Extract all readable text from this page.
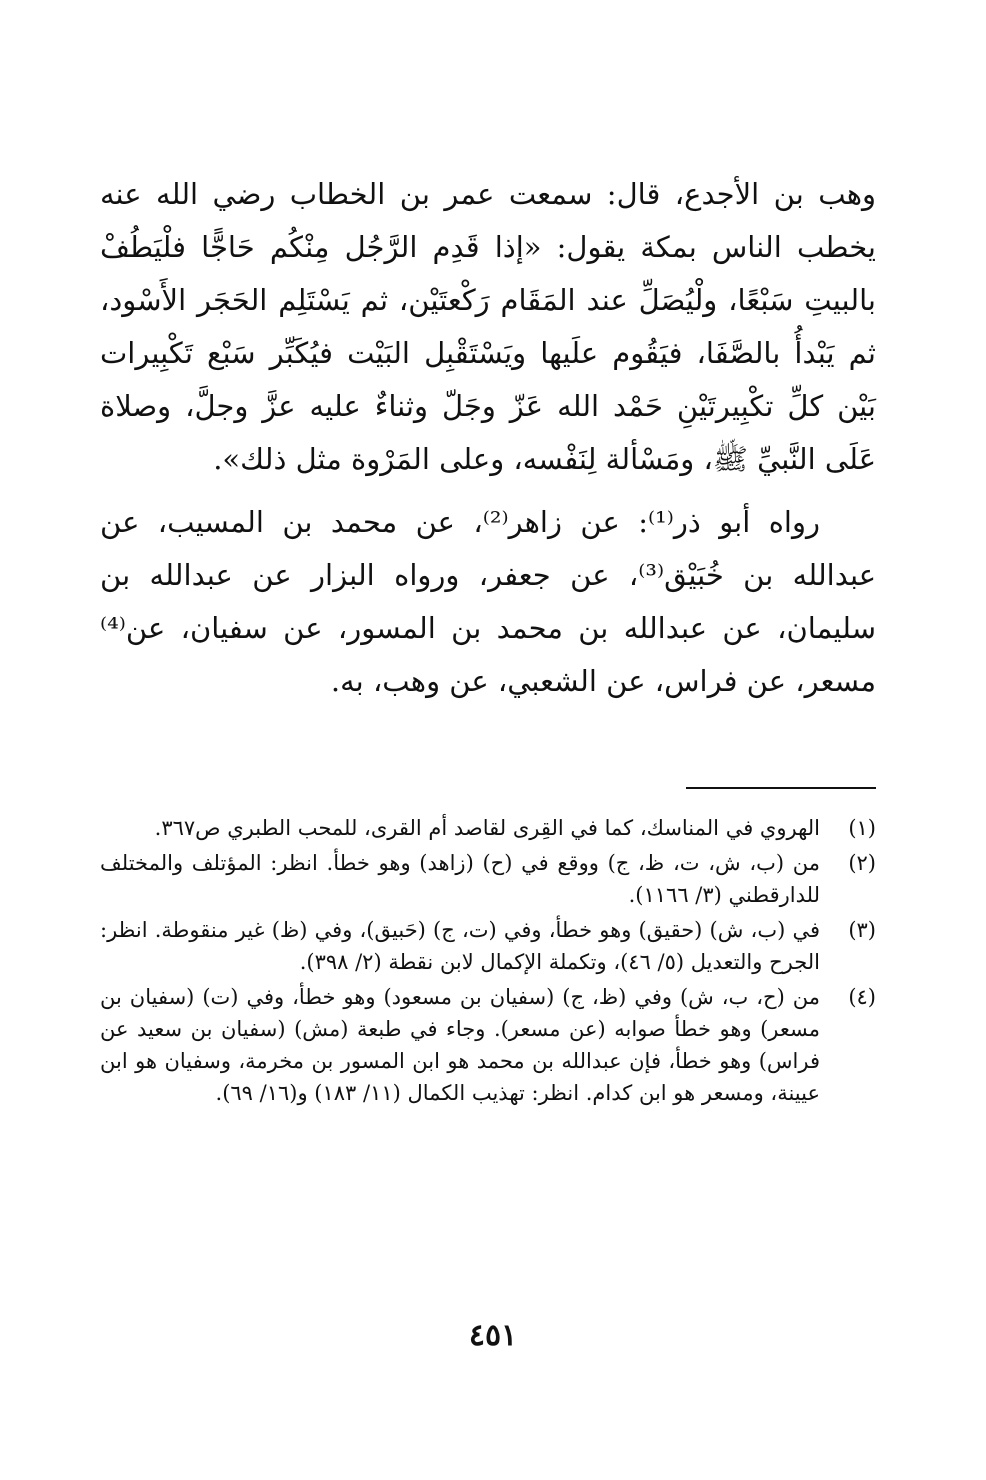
وهب بن الأجدع، قال: سمعت عمر بن الخطاب رضي الله عنه يخطب الناس بمكة يقول: «إذا قَدِم الرَّجُل مِنْكُم حَاجًّا فلْيَطُفْ بالبيتِ سَبْعًا، ولْيُصَلِّ عند المَقَام رَكْعتَيْن، ثم يَسْتَلِم الحَجَر الأَسْود، ثم يَبْدأُ بالصَّفَا، فيَقُوم علَيها ويَسْتَقْبِل البَيْت فيُكَبِّر سَبْع تَكْبِيرات بَيْن كلِّ تكْبِيرتَيْنِ حَمْد الله عَزّ وجَلّ وثناءٌ عليه عزَّ وجلَّ، وصلاة عَلَى النَّبيِّ ﷺ، ومَسْألة لِنَفْسه، وعلى المَرْوة مثل ذلك».

رواه أبو ذر⁽¹⁾: عن زاهر⁽²⁾، عن محمد بن المسيب، عن عبدالله بن خُبَيْق⁽³⁾، عن جعفر، ورواه البزار عن عبدالله بن سليمان، عن عبدالله بن محمد بن المسور، عن سفيان، عن⁽⁴⁾ مسعر، عن فراس، عن الشعبي، عن وهب، به.

(١)
الهروي في المناسك، كما في القِرى لقاصد أم القرى، للمحب الطبري ص٣٦٧.
(٢)
من (ب، ش، ت، ظ، ج) ووقع في (ح) (زاهد) وهو خطأ. انظر: المؤتلف والمختلف للدارقطني (٣/ ١١٦٦).
(٣)
في (ب، ش) (حقيق) وهو خطأ، وفي (ت، ج) (حَبيق)، وفي (ظ) غير منقوطة. انظر: الجرح والتعديل (٥/ ٤٦)، وتكملة الإكمال لابن نقطة (٢/ ٣٩٨).
(٤)
من (ح، ب، ش) وفي (ظ، ج) (سفيان بن مسعود) وهو خطأ، وفي (ت) (سفيان بن مسعر) وهو خطأ صوابه (عن مسعر). وجاء في طبعة (مش) (سفيان بن سعيد عن فراس) وهو خطأ، فإن عبدالله بن محمد هو ابن المسور بن مخرمة، وسفيان هو ابن عيينة، ومسعر هو ابن كدام. انظر: تهذيب الكمال (١١/ ١٨٣) و(١٦/ ٦٩).
٤٥١
